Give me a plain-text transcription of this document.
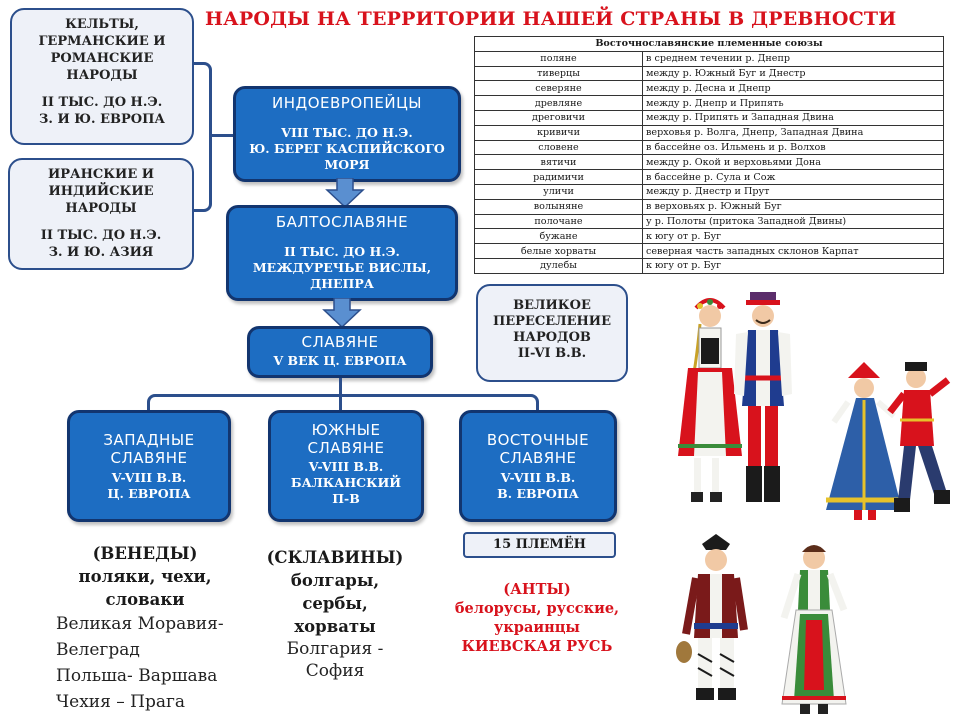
НАРОДЫ НА ТЕРРИТОРИИ НАШЕЙ СТРАНЫ В ДРЕВНОСТИ
КЕЛЬТЫ,
ГЕРМАНСКИЕ И
РОМАНСКИЕ
НАРОДЫ
II ТЫС. ДО Н.Э.
З. И Ю. ЕВРОПА
ИРАНСКИЕ И
ИНДИЙСКИЕ
НАРОДЫ
II ТЫС. ДО Н.Э.
З. И Ю. АЗИЯ
ИНДОЕВРОПЕЙЦЫ
VIII ТЫС. ДО Н.Э.
Ю. БЕРЕГ КАСПИЙСКОГО
МОРЯ
БАЛТОСЛАВЯНЕ
II ТЫС. ДО Н.Э.
МЕЖДУРЕЧЬЕ ВИСЛЫ,
ДНЕПРА
СЛАВЯНЕ
V ВЕК Ц. ЕВРОПА
ВЕЛИКОЕ
ПЕРЕСЕЛЕНИЕ
НАРОДОВ
II-VI В.В.
ЗАПАДНЫЕ
СЛАВЯНЕ
V-VIII В.В.
Ц. ЕВРОПА
ЮЖНЫЕ
СЛАВЯНЕ
V-VIII В.В.
БАЛКАНСКИЙ
П-В
ВОСТОЧНЫЕ
СЛАВЯНЕ
V-VIII В.В.
В. ЕВРОПА
15 ПЛЕМЁН
Восточнославянские племенные союзы	
поляне	в среднем течении р. Днепр
тиверцы	между р. Южный Буг и Днестр
северяне	между р. Десна и Днепр
древляне	между р. Днепр и Припять
дреговичи	между р. Припять и Западная Двина
кривичи	верховья р. Волга, Днепр, Западная Двина
словене	в бассейне оз. Ильмень и р. Волхов
вятичи	между р. Окой и верховьями Дона
радимичи	в бассейне р. Сула и Сож
уличи	между р. Днестр и Прут
волыняне	в верховьях р. Южный Буг
полочане	у р. Полоты (притока Западной Двины)
бужане	к югу от р. Буг
белые хорваты	северная часть западных склонов Карпат
дулебы	к югу от р. Буг
(ВЕНЕДЫ)
поляки, чехи,
словаки
Великая Моравия-
Велеград
Польша- Варшава
Чехия – Прага
(СКЛАВИНЫ)
болгары,
сербы,
хорваты
Болгария -
София
(АНТЫ)
белорусы, русские,
украинцы
КИЕВСКАЯ РУСЬ
